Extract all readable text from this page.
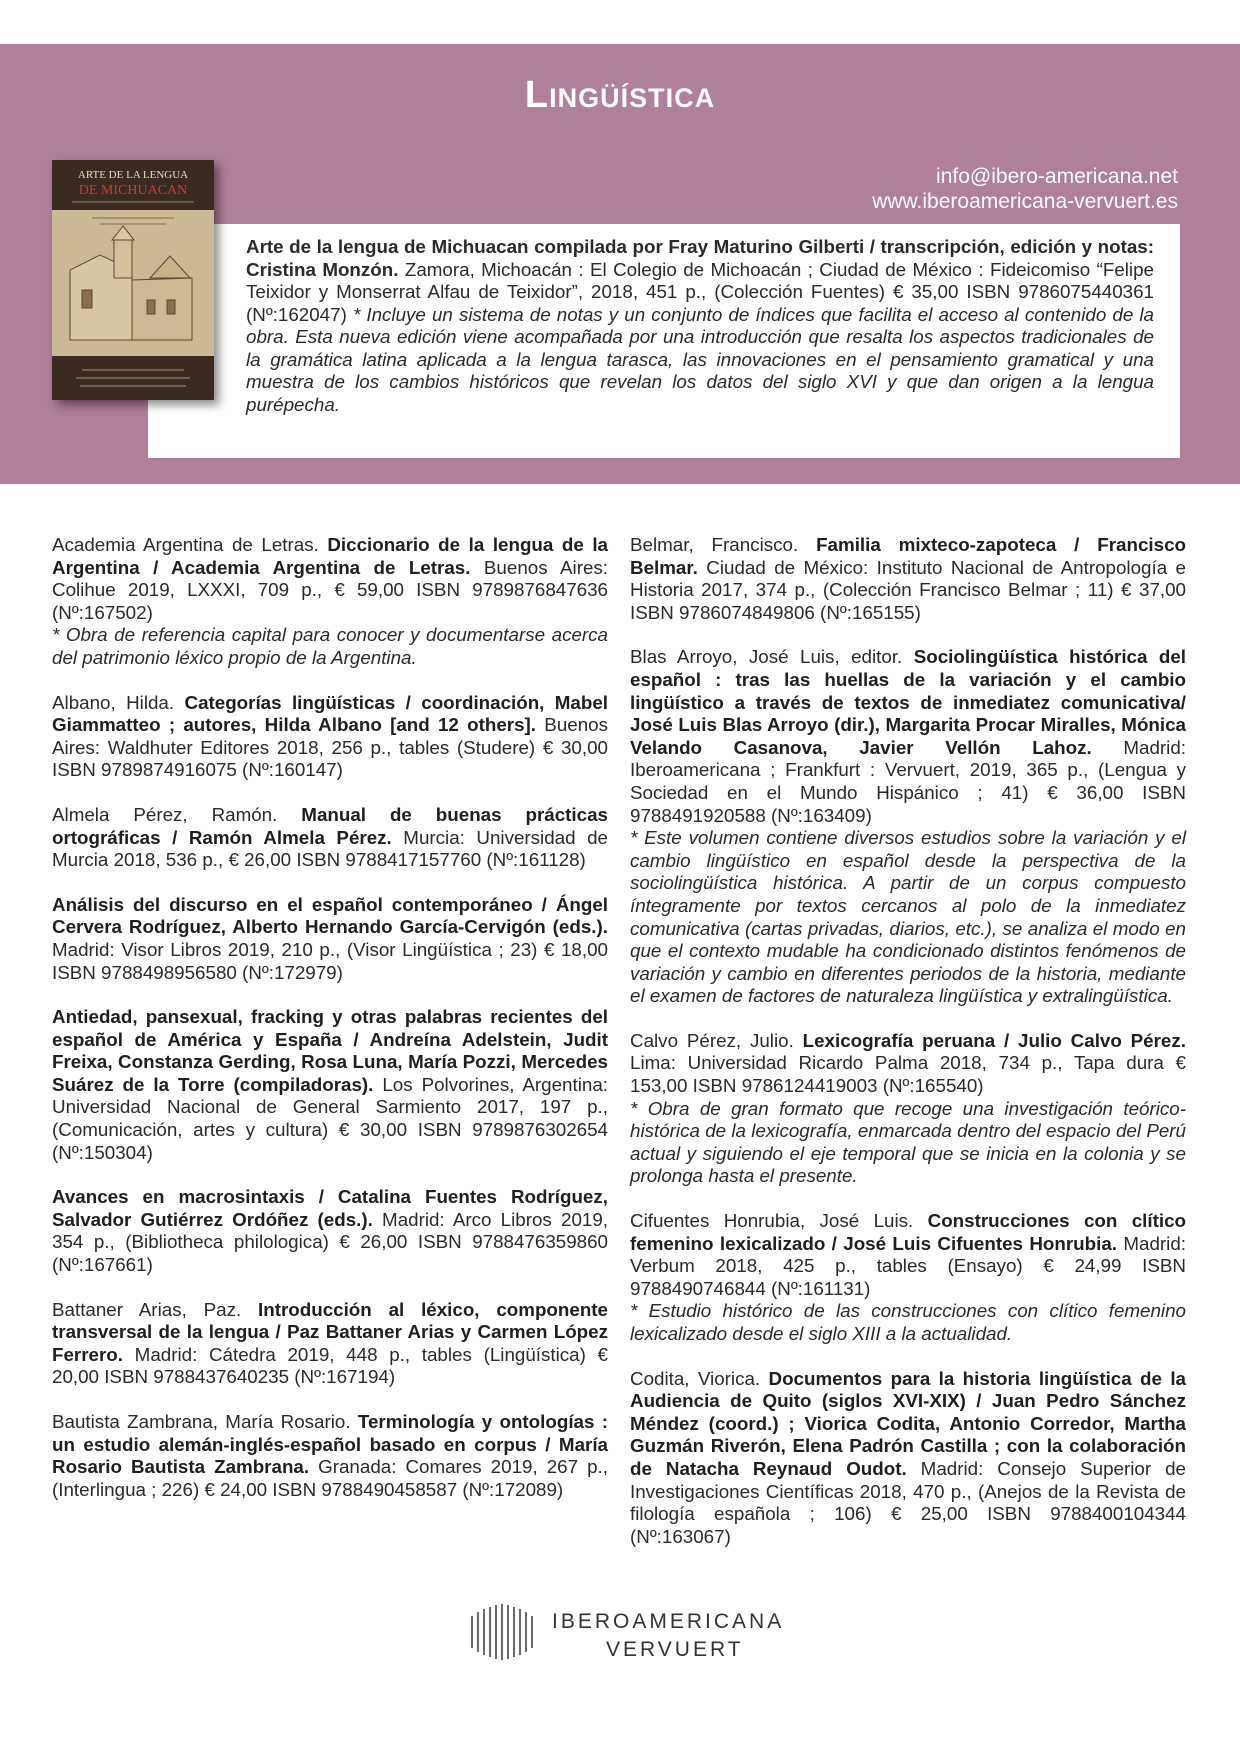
Lingüística
info@ibero-americana.net
www.iberoamericana-vervuert.es
Arte de la lengua de Michuacan compilada por Fray Maturino Gilberti / transcripción, edición y notas: Cristina Monzón. Zamora, Michoacán : El Colegio de Michoacán ; Ciudad de México : Fideicomiso “Felipe Teixidor y Monserrat Alfau de Teixidor”, 2018, 451 p., (Colección Fuentes) € 35,00 ISBN 9786075440361 (Nº:162047) * Incluye un sistema de notas y un conjunto de índices que facilita el acceso al contenido de la obra. Esta nueva edición viene acompañada por una introducción que resalta los aspectos tradicionales de la gramática latina aplicada a la lengua tarasca, las innovaciones en el pensamiento gramatical y una muestra de los cambios históricos que revelan los datos del siglo XVI y que dan origen a la lengua purépecha.
ARTE DE LA LENGUA
DE MICHUACAN
Academia Argentina de Letras. Diccionario de la lengua de la Argentina / Academia Argentina de Letras. Buenos Aires: Colihue 2019, LXXXI, 709 p., € 59,00 ISBN 9789876847636 (Nº:167502)
* Obra de referencia capital para conocer y documentarse acerca del patrimonio léxico propio de la Argentina.
Albano, Hilda. Categorías lingüísticas / coordinación, Mabel Giammatteo ; autores, Hilda Albano [and 12 others]. Buenos Aires: Waldhuter Editores 2018, 256 p., tables (Studere) € 30,00 ISBN 9789874916075 (Nº:160147)
Almela Pérez, Ramón. Manual de buenas prácticas ortográficas / Ramón Almela Pérez. Murcia: Universidad de Murcia 2018, 536 p., € 26,00 ISBN 9788417157760 (Nº:161128)
Análisis del discurso en el español contemporáneo / Ángel Cervera Rodríguez, Alberto Hernando García-Cervigón (eds.). Madrid: Visor Libros 2019, 210 p., (Visor Lingüística ; 23) € 18,00 ISBN 9788498956580 (Nº:172979)
Antiedad, pansexual, fracking y otras palabras recientes del español de América y España / Andreína Adelstein, Judit Freixa, Constanza Gerding, Rosa Luna, María Pozzi, Mercedes Suárez de la Torre (compiladoras). Los Polvorines, Argentina: Universidad Nacional de General Sarmiento 2017, 197 p., (Comunicación, artes y cultura) € 30,00 ISBN 9789876302654 (Nº:150304)
Avances en macrosintaxis / Catalina Fuentes Rodríguez, Salvador Gutiérrez Ordóñez (eds.). Madrid: Arco Libros 2019, 354 p., (Bibliotheca philologica) € 26,00 ISBN 9788476359860 (Nº:167661)
Battaner Arias, Paz. Introducción al léxico, componente transversal de la lengua / Paz Battaner Arias y Carmen López Ferrero. Madrid: Cátedra 2019, 448 p., tables (Lingüística) € 20,00 ISBN 9788437640235 (Nº:167194)
Bautista Zambrana, María Rosario. Terminología y ontologías : un estudio alemán-inglés-español basado en corpus / María Rosario Bautista Zambrana. Granada: Comares 2019, 267 p., (Interlingua ; 226) € 24,00 ISBN 9788490458587 (Nº:172089)
Belmar, Francisco. Familia mixteco-zapoteca / Francisco Belmar. Ciudad de México: Instituto Nacional de Antropología e Historia 2017, 374 p., (Colección Francisco Belmar ; 11) € 37,00 ISBN 9786074849806 (Nº:165155)
Blas Arroyo, José Luis, editor. Sociolingüística histórica del español : tras las huellas de la variación y el cambio lingüístico a través de textos de inmediatez comunicativa/ José Luis Blas Arroyo (dir.), Margarita Procar Miralles, Mónica Velando Casanova, Javier Vellón Lahoz. Madrid: Iberoamericana ; Frankfurt : Vervuert, 2019, 365 p., (Lengua y Sociedad en el Mundo Hispánico ; 41) € 36,00 ISBN 9788491920588 (Nº:163409)
* Este volumen contiene diversos estudios sobre la variación y el cambio lingüístico en español desde la perspectiva de la sociolingüística histórica. A partir de un corpus compuesto íntegramente por textos cercanos al polo de la inmediatez comunicativa (cartas privadas, diarios, etc.), se analiza el modo en que el contexto mudable ha condicionado distintos fenómenos de variación y cambio en diferentes periodos de la historia, mediante el examen de factores de naturaleza lingüística y extralingüística.
Calvo Pérez, Julio. Lexicografía peruana / Julio Calvo Pérez. Lima: Universidad Ricardo Palma 2018, 734 p., Tapa dura € 153,00 ISBN 9786124419003 (Nº:165540)
* Obra de gran formato que recoge una investigación teórico-histórica de la lexicografía, enmarcada dentro del espacio del Perú actual y siguiendo el eje temporal que se inicia en la colonia y se prolonga hasta el presente.
Cifuentes Honrubia, José Luis. Construcciones con clítico femenino lexicalizado / José Luis Cifuentes Honrubia. Madrid: Verbum 2018, 425 p., tables (Ensayo) € 24,99 ISBN 9788490746844 (Nº:161131)
* Estudio histórico de las construcciones con clítico femenino lexicalizado desde el siglo XIII a la actualidad.
Codita, Viorica. Documentos para la historia lingüística de la Audiencia de Quito (siglos XVI-XIX) / Juan Pedro Sánchez Méndez (coord.) ; Viorica Codita, Antonio Corredor, Martha Guzmán Riverón, Elena Padrón Castilla ; con la colaboración de Natacha Reynaud Oudot. Madrid: Consejo Superior de Investigaciones Científicas 2018, 470 p., (Anejos de la Revista de filología española ; 106) € 25,00 ISBN 9788400104344 (Nº:163067)
IBEROAMERICANA
VERVUERT
